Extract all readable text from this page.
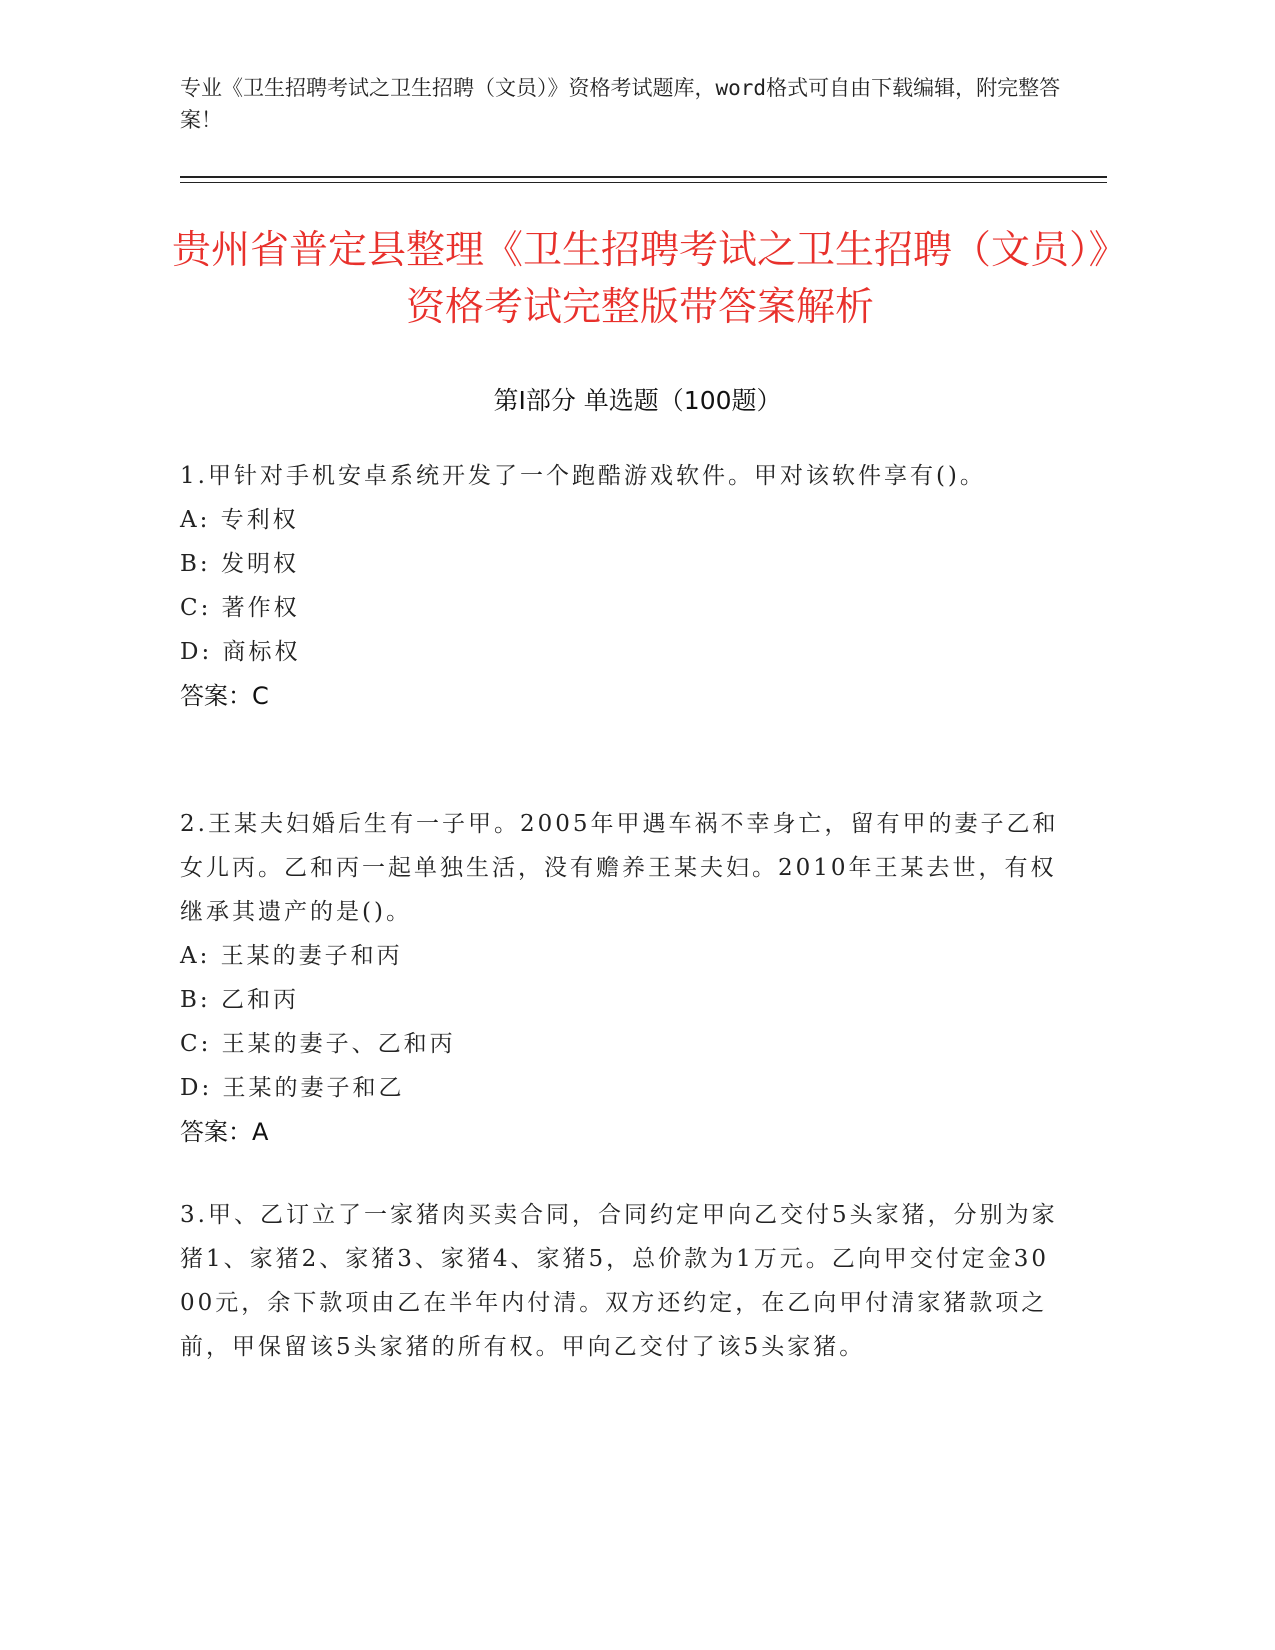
专业《卫生招聘考试之卫生招聘（文员）》资格考试题库，word格式可自由下载编辑，附完整答案！
贵州省普定县整理《卫生招聘考试之卫生招聘（文员）》资格考试完整版带答案解析
第Ⅰ部分 单选题（100题）
1.甲针对手机安卓系统开发了一个跑酷游戏软件。甲对该软件享有()。
A: 专利权
B: 发明权
C: 著作权
D: 商标权
答案：C
2.王某夫妇婚后生有一子甲。2005年甲遇车祸不幸身亡，留有甲的妻子乙和女儿丙。乙和丙一起单独生活，没有赡养王某夫妇。2010年王某去世，有权继承其遗产的是()。
A: 王某的妻子和丙
B: 乙和丙
C: 王某的妻子、乙和丙
D: 王某的妻子和乙
答案：A
3.甲、乙订立了一家猪肉买卖合同，合同约定甲向乙交付5头家猪，分别为家猪1、家猪2、家猪3、家猪4、家猪5，总价款为1万元。乙向甲交付定金3000元，余下款项由乙在半年内付清。双方还约定，在乙向甲付清家猪款项之前，甲保留该5头家猪的所有权。甲向乙交付了该5头家猪。
